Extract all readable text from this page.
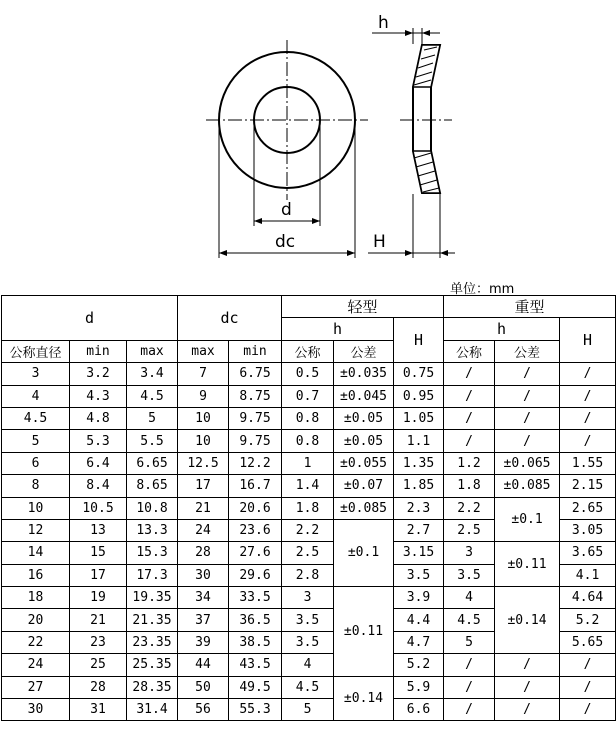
h
d
dc	H
单位：mm
d			dc		轻型			重型		
					h		H	h		H
公称直径	min	max	max	min	公称	公差		公称	公差	
3	3.2	3.4	7	6.75	0.5	±0.035	0.75	/	/	/
4	4.3	4.5	9	8.75	0.7	±0.045	0.95	/	/	/
4.5	4.8	5	10	9.75	0.8	±0.05	1.05	/	/	/
5	5.3	5.5	10	9.75	0.8	±0.05	1.1	/	/	/
6	6.4	6.65	12.5	12.2	1	±0.055	1.35	1.2	±0.065	1.55
8	8.4	8.65	17	16.7	1.4	±0.07	1.85	1.8	±0.085	2.15
10	10.5	10.8	21	20.6	1.8	±0.085	2.3	2.2	±0.1	2.65
12	13	13.3	24	23.6	2.2	±0.1	2.7	2.5		3.05
14	15	15.3	28	27.6	2.5		3.15	3	±0.11	3.65
16	17	17.3	30	29.6	2.8		3.5	3.5		4.1
18	19	19.35	34	33.5	3	±0.11	3.9	4	±0.14	4.64
20	21	21.35	37	36.5	3.5		4.4	4.5		5.2
22	23	23.35	39	38.5	3.5		4.7	5		5.65
24	25	25.35	44	43.5	4		5.2	/	/	/
27	28	28.35	50	49.5	4.5	±0.14	5.9	/	/	/
30	31	31.4	56	55.3	5		6.6	/	/	/
